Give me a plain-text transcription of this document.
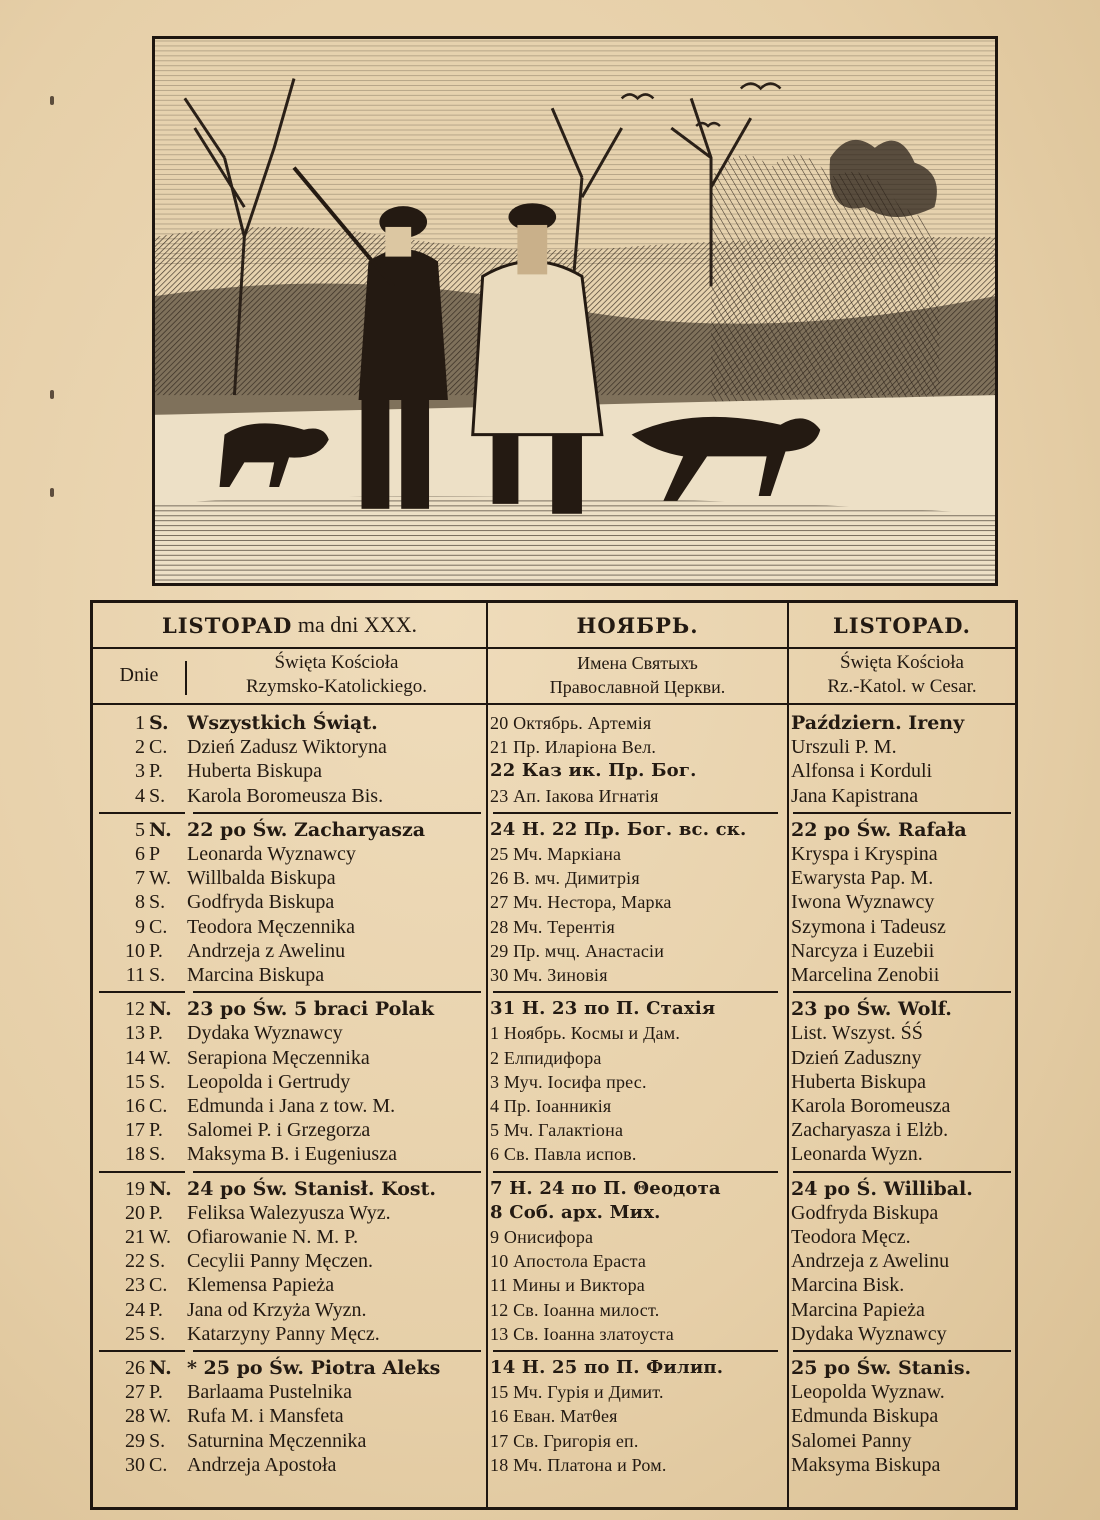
LISTOPAD
ma dni XXX.	НОЯБРЬ.	LISTOPAD.
Dnie
Święta Kościoła
Rzymsko-Katolickiego.
Имена Святыхъ
Православной Церкви.
Święta Kościoła
Rz.-Katol. w Cesar.
1 S.
2 C.
3 P.
4 S.
5 N.
6 P
7 W.
8 S.
9 C.
10 P.
11 S.
12 N.
13 P.
14 W.
15 S.
16 C.
17 P.
18 S.
19 N.
20 P.
21 W.
22 S.
23 C.
24 P.
25 S.
26 N.
27 P.
28 W.
29 S.
30 C.
Wszystkich Świąt.
Dzień Zadusz Wiktoryna
Huberta Biskupa
Karola Boromeusza Bis.
22 po Św. Zacharyasza
Leonarda Wyznawcy
Willbalda Biskupa
Godfryda Biskupa
Teodora Męczennika
Andrzeja z Awelinu
Marcina Biskupa
23 po Św. 5 braci Polak
Dydaka Wyznawcy
Serapiona Męczennika
Leopolda i Gertrudy
Edmunda i Jana z tow. M.
Salomei P. i Grzegorza
Maksyma B. i Eugeniusza
24 po Św. Stanisł. Kost.
Feliksa Walezyusza Wyz.
Ofiarowanie N. M. P.
Cecylii Panny Męczen.
Klemensa Papieża
Jana od Krzyża Wyzn.
Katarzyny Panny Męcz.
* 25 po Św. Piotra Aleks
Barlaama Pustelnika
Rufa M. i Mansfeta
Saturnina Męczennika
Andrzeja Apostoła
20 Октябрь. Артемія
21 Пр. Иларіона Вел.
22 Каз ик. Пр. Бог.
23 Ап. Іакова Игнатія
24 Н. 22 Пр. Бог. вс. ск.
25 Мч. Маркіана
26 В. мч. Димитрія
27 Мч. Нестора, Марка
28 Мч. Терентія
29 Пр. мчц. Анастасіи
30 Мч. Зиновія
31 Н. 23 по П. Стахія
1 Ноябрь. Космы и Дам.
2 Елпидифора
3 Муч. Іосифа прес.
4 Пр. Іоанникія
5 Мч. Галактіона
6 Св. Павла испов.
7 Н. 24 по П. Θеодота
8 Соб. арх. Мих.
9 Онисифора
10 Апостола Ераста
11 Мины и Виктора
12 Св. Іоанна милост.
13 Св. Іоанна златоуста
14 Н. 25 по П. Филип.
15 Мч. Гурія и Димит.
16 Еван. Матθея
17 Св. Григорія еп.
18 Мч. Платона и Ром.
Październ. Ireny
Urszuli P. M.
Alfonsa i Korduli
Jana Kapistrana
22 po Św. Rafała
Kryspa i Kryspina
Ewarysta Pap. M.
Iwona Wyznawcy
Szymona i Tadeusz
Narcyza i Euzebii
Marcelina Zenobii
23 po Św. Wolf.
List. Wszyst. ŚŚ
Dzień Zaduszny
Huberta Biskupa
Karola Boromeusza
Zacharyasza i Elżb.
Leonarda Wyzn.
24 po Ś. Willibal.
Godfryda Biskupa
Teodora Męcz.
Andrzeja z Awelinu
Marcina Bisk.
Marcina Papieża
Dydaka Wyznawcy
25 po Św. Stanis.
Leopolda Wyznaw.
Edmunda Biskupa
Salomei Panny
Maksyma Biskupa
